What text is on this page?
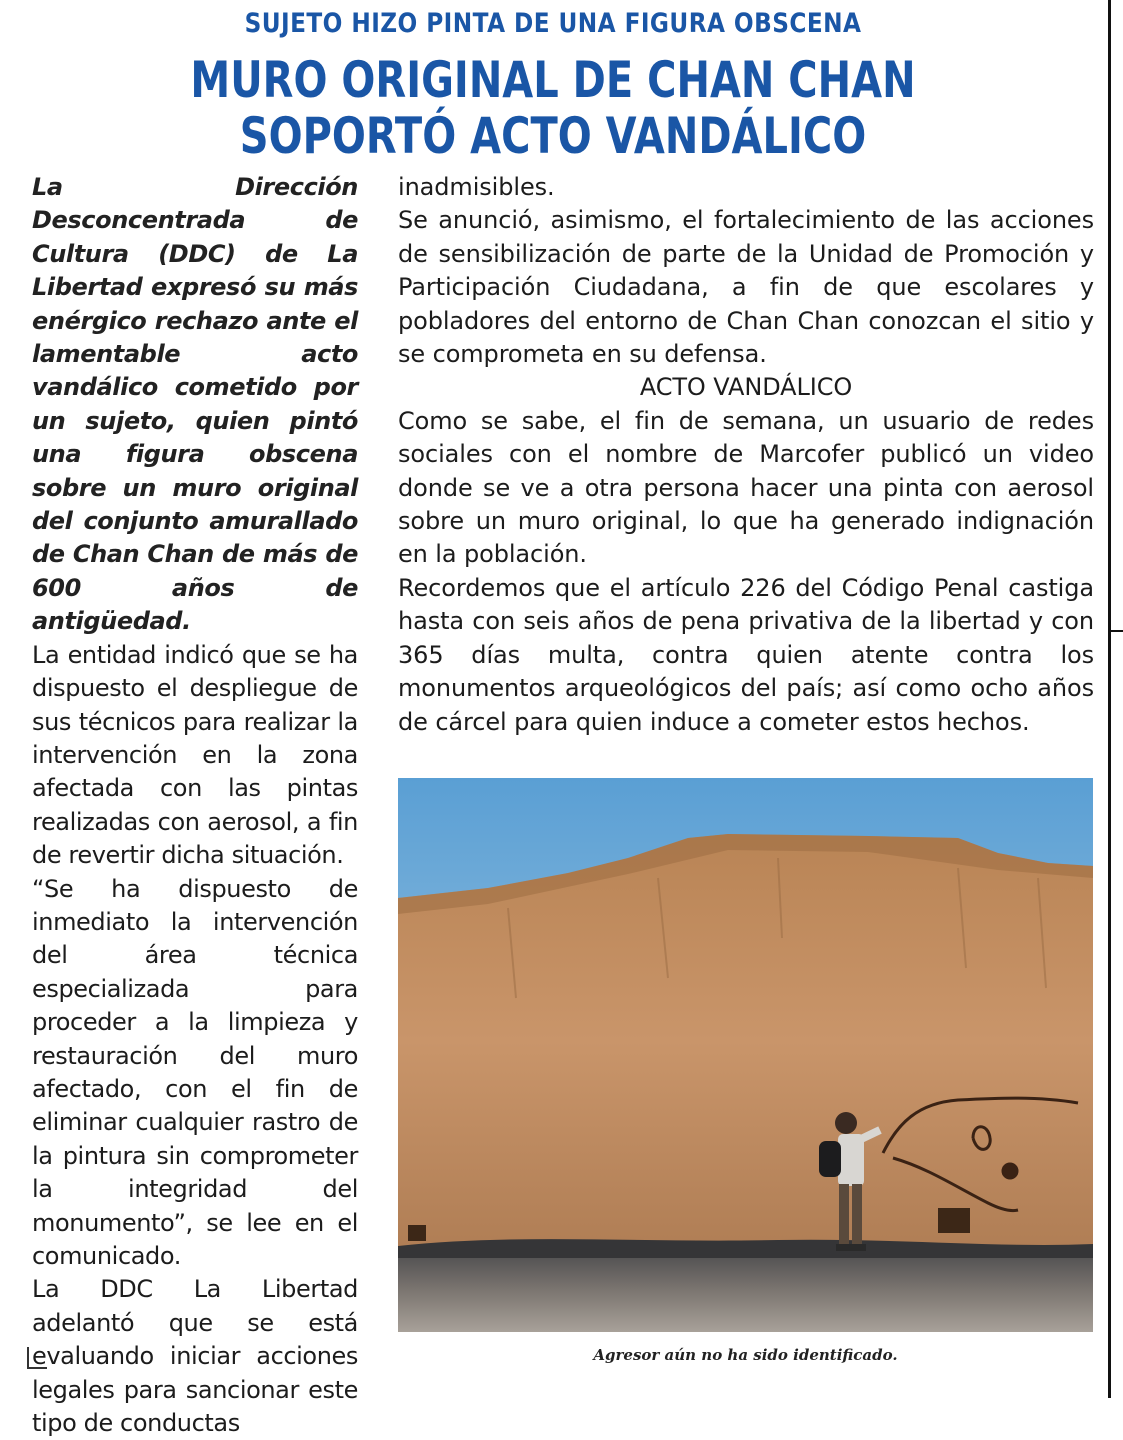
SUJETO HIZO PINTA DE UNA FIGURA OBSCENA
MURO ORIGINAL DE CHAN CHAN
SOPORTÓ ACTO VANDÁLICO

La Dirección Desconcentrada de Cultura (DDC) de La Libertad expresó su más enérgico rechazo ante el lamentable acto vandálico cometido por un sujeto, quien pintó una figura obscena sobre un muro original del conjunto amurallado de Chan Chan de más de 600 años de antigüedad.

La entidad indicó que se ha dispuesto el despliegue de sus técnicos para realizar la intervención en la zona afectada con las pintas realizadas con aerosol, a fin de revertir dicha situación.

“Se ha dispuesto de inmediato la intervención del área técnica especializada para proceder a la limpieza y restauración del muro afectado, con el fin de eliminar cualquier rastro de la pintura sin comprometer la integridad del monumento”, se lee en el comunicado.

La DDC La Libertad adelantó que se está evaluando iniciar acciones legales para sancionar este tipo de conductas

inadmisibles.

Se anunció, asimismo, el fortalecimiento de las acciones de sensibilización de parte de la Unidad de Promoción y Participación Ciudadana, a fin de que escolares y pobladores del entorno de Chan Chan conozcan el sitio y se comprometa en su defensa.

ACTO VANDÁLICO

Como se sabe, el fin de semana, un usuario de redes sociales con el nombre de Marcofer publicó un video donde se ve a otra persona hacer una pinta con aerosol sobre un muro original, lo que ha generado indignación en la población.

Recordemos que el artículo 226 del Código Penal castiga hasta con seis años de pena privativa de la libertad y con 365 días multa, contra quien atente contra los monumentos arqueológicos del país; así como ocho años de cárcel para quien induce a cometer estos hechos.

Agresor aún no ha sido identificado.
